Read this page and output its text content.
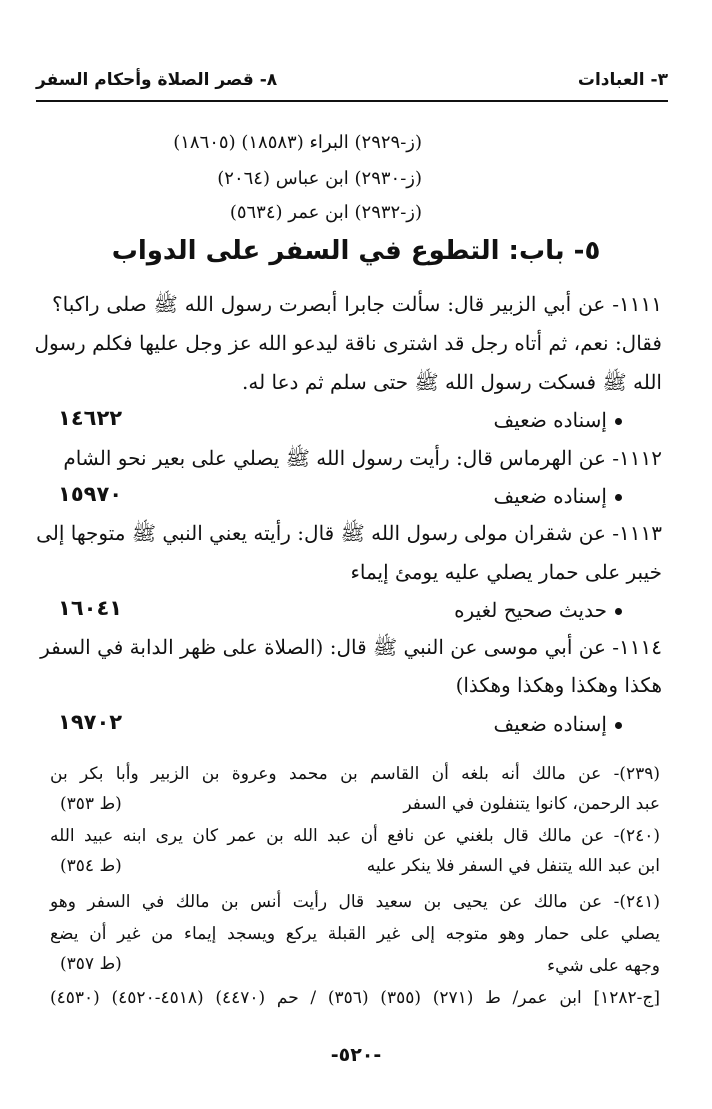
٣- العبادات
٨- قصر الصلاة وأحكام السفر
(ز-٢٩٢٩) البراء (١٨٥٨٣) (١٨٦٠٥)
(ز-٢٩٣٠) ابن عباس (٢٠٦٤)
(ز-٢٩٣٢) ابن عمر (٥٦٣٤)
٥- باب: التطوع في السفر على الدواب
١١١١- عن أبي الزبير قال: سألت جابرا أبصرت رسول الله ﷺ صلى راكبا؟
فقال: نعم، ثم أتاه رجل قد اشترى ناقة ليدعو الله عز وجل عليها فكلم رسول
الله ﷺ فسكت رسول الله ﷺ حتى سلم ثم دعا له.
إسناده ضعيف
١٤٦٢٢
١١١٢- عن الهرماس قال: رأيت رسول الله ﷺ يصلي على بعير نحو الشام
إسناده ضعيف
١٥٩٧٠
١١١٣- عن شقران مولى رسول الله ﷺ قال: رأيته يعني النبي ﷺ متوجها إلى
خيبر على حمار يصلي عليه يومئ إيماء
حديث صحيح لغيره
١٦٠٤١
١١١٤- عن أبي موسى عن النبي ﷺ قال: (الصلاة على ظهر الدابة في السفر
هكذا وهكذا وهكذا وهكذا)
إسناده ضعيف
١٩٧٠٢
(٢٣٩)- عن مالك أنه بلغه أن القاسم بن محمد وعروة بن الزبير وأبا بكر بن
عبد الرحمن، كانوا يتنفلون في السفر
(ط ٣٥٣)
(٢٤٠)- عن مالك قال بلغني عن نافع أن عبد الله بن عمر كان يرى ابنه عبيد الله
ابن عبد الله يتنفل في السفر فلا ينكر عليه
(ط ٣٥٤)
(٢٤١)- عن مالك عن يحيى بن سعيد قال رأيت أنس بن مالك في السفر وهو
يصلي على حمار وهو متوجه إلى غير القبلة يركع ويسجد إيماء من غير أن يضع
وجهه على شيء
(ط ٣٥٧)
[ج-١٢٨٢] ابن عمر/ ط (٢٧١) (٣٥٥) (٣٥٦) / حم (٤٤٧٠) (٤٥١٨-٤٥٢٠) (٤٥٣٠)
-٥٢٠-
